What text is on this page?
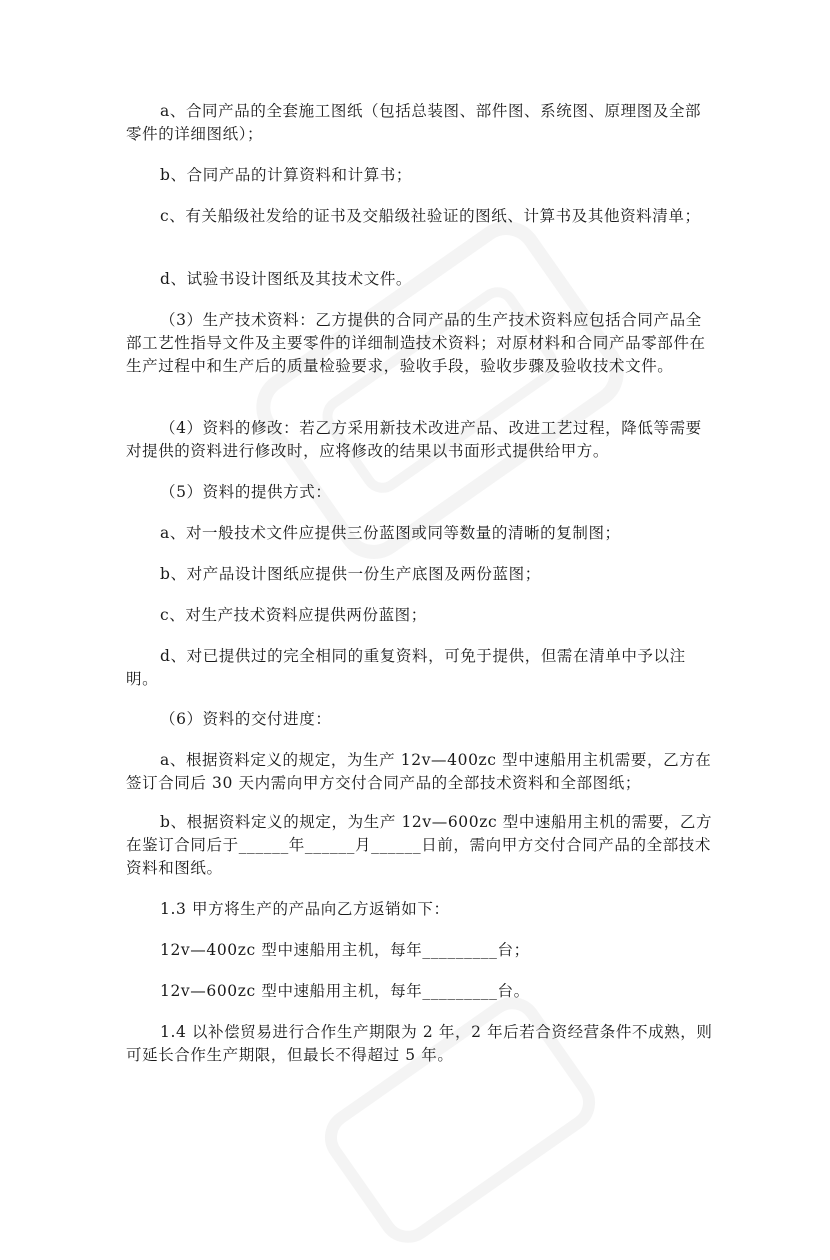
a、合同产品的全套施工图纸（包括总装图、部件图、系统图、原理图及全部零件的详细图纸）；

b、合同产品的计算资料和计算书；

c、有关船级社发给的证书及交船级社验证的图纸、计算书及其他资料清单；

d、试验书设计图纸及其技术文件。

（3）生产技术资料：乙方提供的合同产品的生产技术资料应包括合同产品全部工艺性指导文件及主要零件的详细制造技术资料；对原材料和合同产品零部件在生产过程中和生产后的质量检验要求，验收手段，验收步骤及验收技术文件。

（4）资料的修改：若乙方采用新技术改进产品、改进工艺过程，降低等需要对提供的资料进行修改时，应将修改的结果以书面形式提供给甲方。

（5）资料的提供方式：

a、对一般技术文件应提供三份蓝图或同等数量的清晰的复制图；

b、对产品设计图纸应提供一份生产底图及两份蓝图；

c、对生产技术资料应提供两份蓝图；

d、对已提供过的完全相同的重复资料，可免于提供，但需在清单中予以注明。

（6）资料的交付进度：

a、根据资料定义的规定，为生产 12v—400zc 型中速船用主机需要，乙方在签订合同后 30 天内需向甲方交付合同产品的全部技术资料和全部图纸；

b、根据资料定义的规定，为生产 12v—600zc 型中速船用主机的需要，乙方在鉴订合同后于______年______月______日前，需向甲方交付合同产品的全部技术资料和图纸。

1.3 甲方将生产的产品向乙方返销如下：

12v—400zc 型中速船用主机，每年_________台；

12v—600zc 型中速船用主机，每年_________台。

1.4 以补偿贸易进行合作生产期限为 2 年，2 年后若合资经营条件不成熟，则可延长合作生产期限，但最长不得超过 5 年。
